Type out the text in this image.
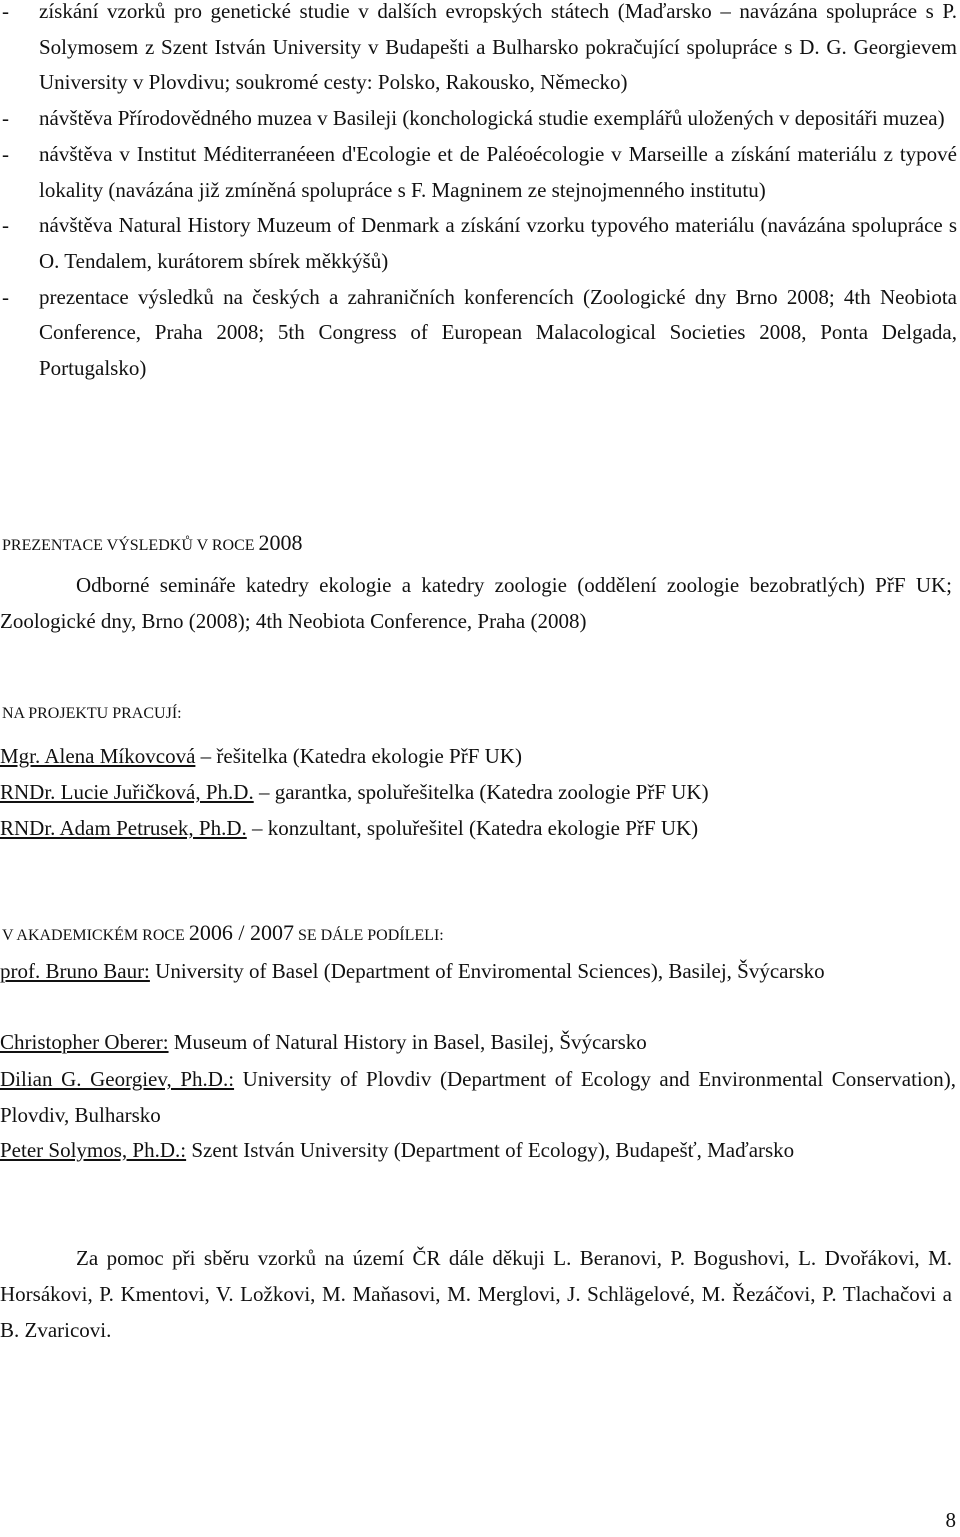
- získání vzorků pro genetické studie v dalších evropských státech (Maďarsko – navázána spolupráce s P. Solymosem z Szent István University v Budapešti a Bulharsko pokračující spolupráce s D. G. Georgievem University v Plovdivu; soukromé cesty: Polsko, Rakousko, Německo)
- návštěva Přírodovědného muzea v Basileji (konchologická studie exemplářů uložených v depositáři muzea)
- návštěva v Institut Méditerranéeen d'Ecologie et de Paléoécologie v Marseille a získání materiálu z typové lokality (navázána již zmíněná spolupráce s F. Magninem ze stejnojmenného institutu)
- návštěva Natural History Muzeum of Denmark a získání vzorku typového materiálu (navázána spolupráce s O. Tendalem, kurátorem sbírek měkkýšů)
- prezentace výsledků na českých a zahraničních konferencích (Zoologické dny Brno 2008; 4th Neobiota Conference, Praha 2008; 5th Congress of European Malacological Societies 2008, Ponta Delgada, Portugalsko)
PREZENTACE VÝSLEDKŮ V ROCE 2008
Odborné semináře katedry ekologie a katedry zoologie (oddělení zoologie bezobratlých) PřF UK; Zoologické dny, Brno (2008); 4th Neobiota Conference, Praha (2008)
NA PROJEKTU PRACUJÍ:
Mgr. Alena Míkovcová – řešitelka (Katedra ekologie PřF UK)
RNDr. Lucie Juřičková, Ph.D. – garantka, spoluřešitelka (Katedra zoologie PřF UK)
RNDr. Adam Petrusek, Ph.D. – konzultant, spoluřešitel (Katedra ekologie PřF UK)
V AKADEMICKÉM ROCE 2006 / 2007 SE DÁLE PODÍLELI:
prof. Bruno Baur: University of Basel (Department of Enviromental Sciences), Basilej, Švýcarsko
Christopher Oberer: Museum of Natural History in Basel, Basilej, Švýcarsko
Dilian G. Georgiev, Ph.D.: University of Plovdiv (Department of Ecology and Environmental Conservation), Plovdiv, Bulharsko
Peter Solymos, Ph.D.: Szent István University (Department of Ecology), Budapešť, Maďarsko
Za pomoc při sběru vzorků na území ČR dále děkuji L. Beranovi, P. Bogushovi, L. Dvořákovi, M. Horsákovi, P. Kmentovi, V. Ložkovi, M. Maňasovi, M. Merglovi, J. Schlägelové, M. Řezáčovi, P. Tlachačovi a B. Zvaricovi.
8
